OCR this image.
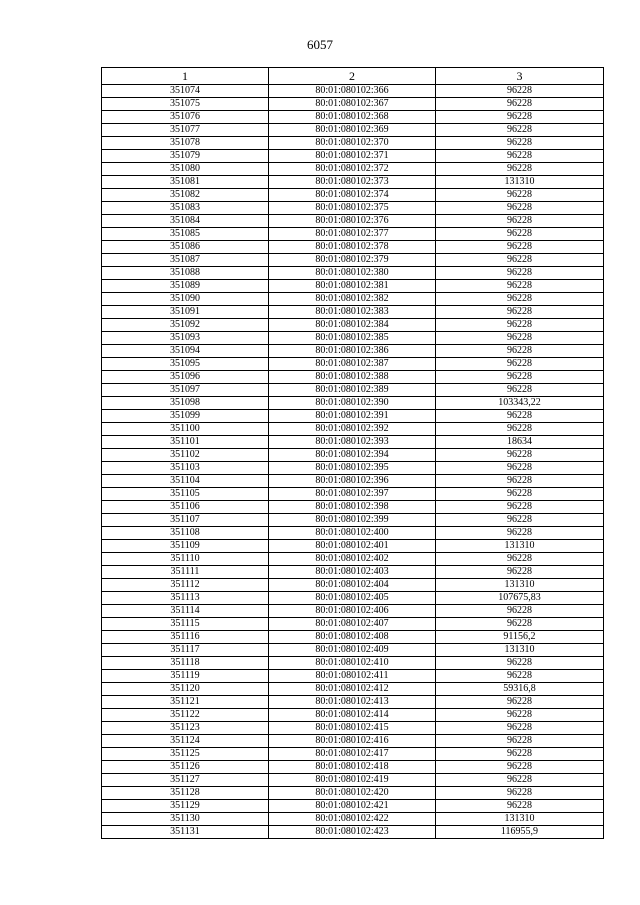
6057
1	2	3
351074	80:01:080102:366	96228
351075	80:01:080102:367	96228
351076	80:01:080102:368	96228
351077	80:01:080102:369	96228
351078	80:01:080102:370	96228
351079	80:01:080102:371	96228
351080	80:01:080102:372	96228
351081	80:01:080102:373	131310
351082	80:01:080102:374	96228
351083	80:01:080102:375	96228
351084	80:01:080102:376	96228
351085	80:01:080102:377	96228
351086	80:01:080102:378	96228
351087	80:01:080102:379	96228
351088	80:01:080102:380	96228
351089	80:01:080102:381	96228
351090	80:01:080102:382	96228
351091	80:01:080102:383	96228
351092	80:01:080102:384	96228
351093	80:01:080102:385	96228
351094	80:01:080102:386	96228
351095	80:01:080102:387	96228
351096	80:01:080102:388	96228
351097	80:01:080102:389	96228
351098	80:01:080102:390	103343,22
351099	80:01:080102:391	96228
351100	80:01:080102:392	96228
351101	80:01:080102:393	18634
351102	80:01:080102:394	96228
351103	80:01:080102:395	96228
351104	80:01:080102:396	96228
351105	80:01:080102:397	96228
351106	80:01:080102:398	96228
351107	80:01:080102:399	96228
351108	80:01:080102:400	96228
351109	80:01:080102:401	131310
351110	80:01:080102:402	96228
351111	80:01:080102:403	96228
351112	80:01:080102:404	131310
351113	80:01:080102:405	107675,83
351114	80:01:080102:406	96228
351115	80:01:080102:407	96228
351116	80:01:080102:408	91156,2
351117	80:01:080102:409	131310
351118	80:01:080102:410	96228
351119	80:01:080102:411	96228
351120	80:01:080102:412	59316,8
351121	80:01:080102:413	96228
351122	80:01:080102:414	96228
351123	80:01:080102:415	96228
351124	80:01:080102:416	96228
351125	80:01:080102:417	96228
351126	80:01:080102:418	96228
351127	80:01:080102:419	96228
351128	80:01:080102:420	96228
351129	80:01:080102:421	96228
351130	80:01:080102:422	131310
351131	80:01:080102:423	116955,9
